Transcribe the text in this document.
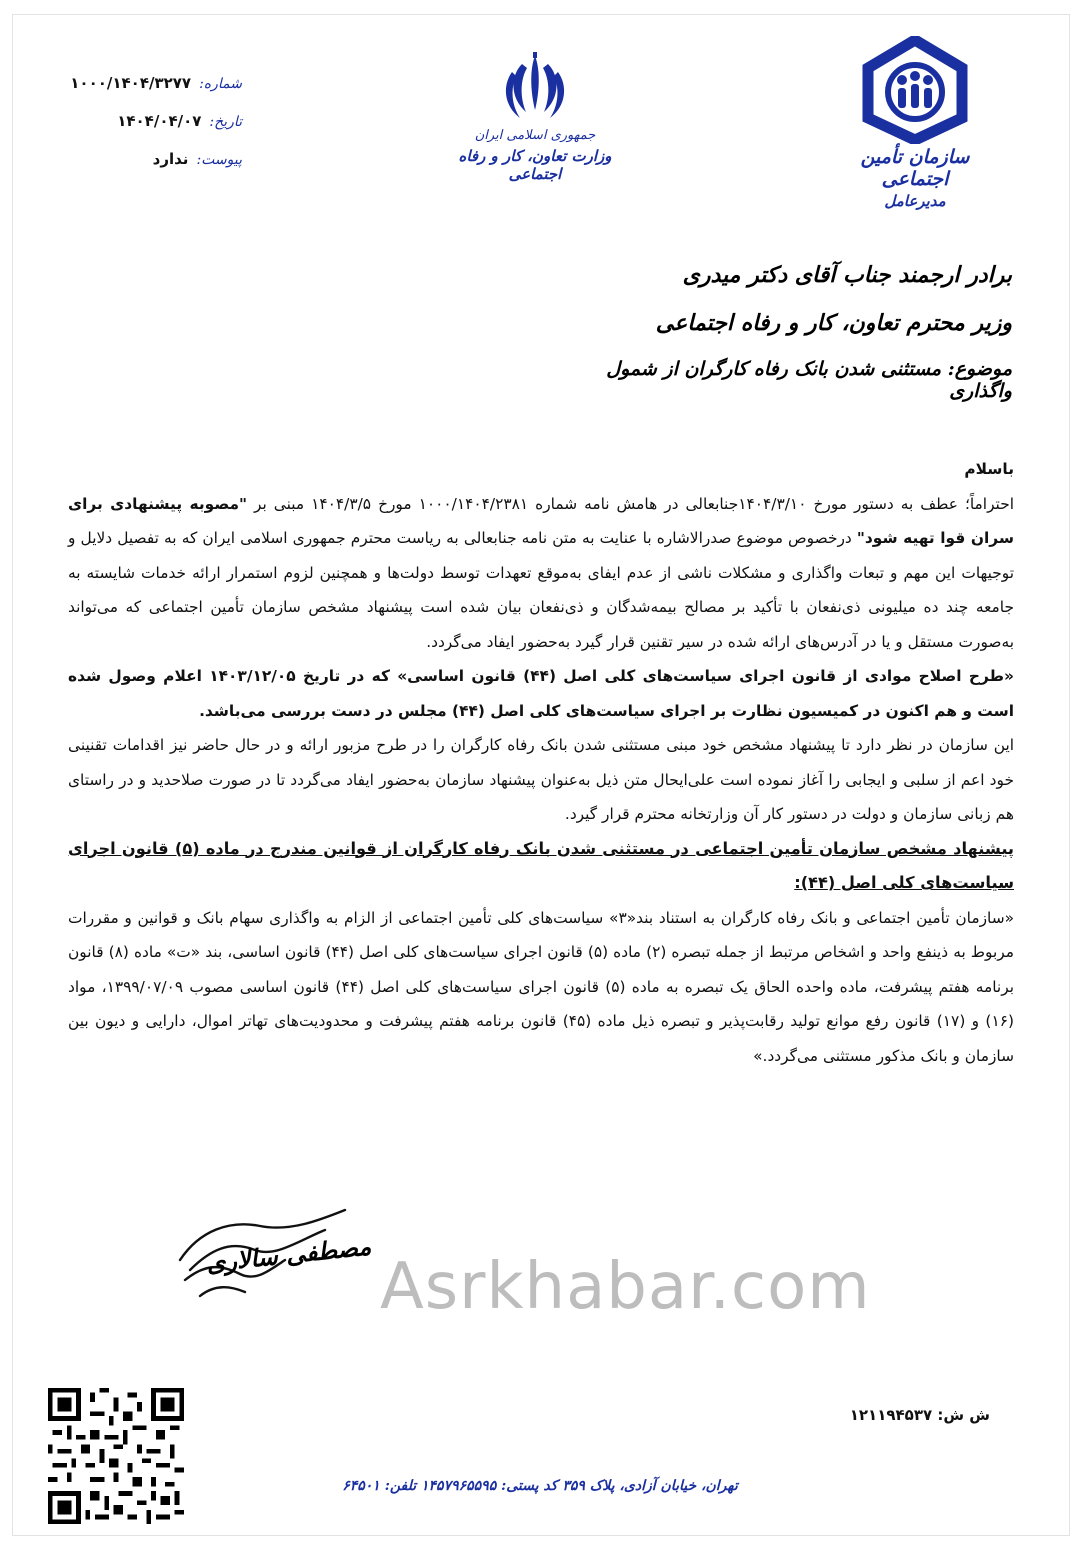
سازمان تأمین اجتماعی
مدیرعامل
جمهوری اسلامی ایران
وزارت تعاون، کار و رفاه اجتماعی
شماره:
۱۰۰۰/۱۴۰۴/۳۲۷۷
تاریخ:
۱۴۰۴/۰۴/۰۷
پیوست:
ندارد
برادر ارجمند جناب آقای دکتر میدری
وزیر محترم تعاون، کار و رفاه اجتماعی
موضوع: مستثنی شدن بانک رفاه کارگران از شمول واگذاری

باسلام

احتراماً؛ عطف به دستور مورخ ۱۴۰۴/۳/۱۰جنابعالی در هامش نامه شماره ۱۰۰۰/۱۴۰۴/۲۳۸۱ مورخ ۱۴۰۴/۳/۵ مبنی بر "مصوبه پیشنهادی برای سران قوا تهیه شود" درخصوص موضوع صدرالاشاره با عنایت به متن نامه جنابعالی به ریاست محترم جمهوری اسلامی ایران که به تفصیل دلایل و توجیهات این مهم و تبعات واگذاری و مشکلات ناشی از عدم ایفای به‌موقع تعهدات توسط دولت‌ها و همچنین لزوم استمرار ارائه خدمات شایسته به جامعه چند ده میلیونی ذی‌نفعان با تأکید بر مصالح بیمه‌شدگان و ذی‌نفعان بیان شده است پیشنهاد مشخص سازمان تأمین اجتماعی که می‌تواند به‌صورت مستقل و یا در آدرس‌های ارائه شده در سیر تقنین قرار گیرد به‌حضور ایفاد می‌گردد.

«طرح اصلاح موادی از قانون اجرای سیاست‌های کلی اصل (۴۴) قانون اساسی» که در تاریخ ۱۴۰۳/۱۲/۰۵ اعلام وصول شده است و هم اکنون در کمیسیون نظارت بر اجرای سیاست‌های کلی اصل (۴۴) مجلس در دست بررسی می‌باشد.

این سازمان در نظر دارد تا پیشنهاد مشخص خود مبنی مستثنی شدن بانک رفاه کارگران را در طرح مزبور ارائه و در حال حاضر نیز اقدامات تقنینی خود اعم از سلبی و ایجابی را آغاز نموده است علی‌ایحال متن ذیل به‌عنوان پیشنهاد سازمان به‌حضور ایفاد می‌گردد تا در صورت صلاحدید و در راستای هم زبانی سازمان و دولت در دستور کار آن وزارتخانه محترم قرار گیرد.

پیشنهاد مشخص سازمان تأمین اجتماعی در مستثنی شدن بانک رفاه کارگران از قوانین مندرج در ماده (۵) قانون اجرای سیاست‌های کلی اصل (۴۴):

«سازمان تأمین اجتماعی و بانک رفاه کارگران به استناد بند«۳» سیاست‌های کلی تأمین اجتماعی از الزام به واگذاری سهام بانک و قوانین و مقررات مربوط به ذینفع واحد و اشخاص مرتبط از جمله تبصره (۲) ماده (۵) قانون اجرای سیاست‌های کلی اصل (۴۴) قانون اساسی، بند «ت» ماده (۸) قانون برنامه هفتم پیشرفت، ماده واحده الحاق یک تبصره به ماده (۵) قانون اجرای سیاست‌های کلی اصل (۴۴) قانون اساسی مصوب ۱۳۹۹/۰۷/۰۹، مواد (۱۶) و (۱۷) قانون رفع موانع تولید رقابت‌پذیر و تبصره ذیل ماده (۴۵) قانون برنامه هفتم پیشرفت و محدودیت‌های تهاتر اموال، دارایی و دیون بین سازمان و بانک مذکور مستثنی می‌گردد.»

مصطفی سالاری Asrkhabar.com
ش ش: ۱۲۱۱۹۴۵۳۷
تهران، خیابان آزادی، پلاک ۳۵۹ کد پستی: ۱۴۵۷۹۶۵۵۹۵ تلفن: ۶۴۵۰۱
